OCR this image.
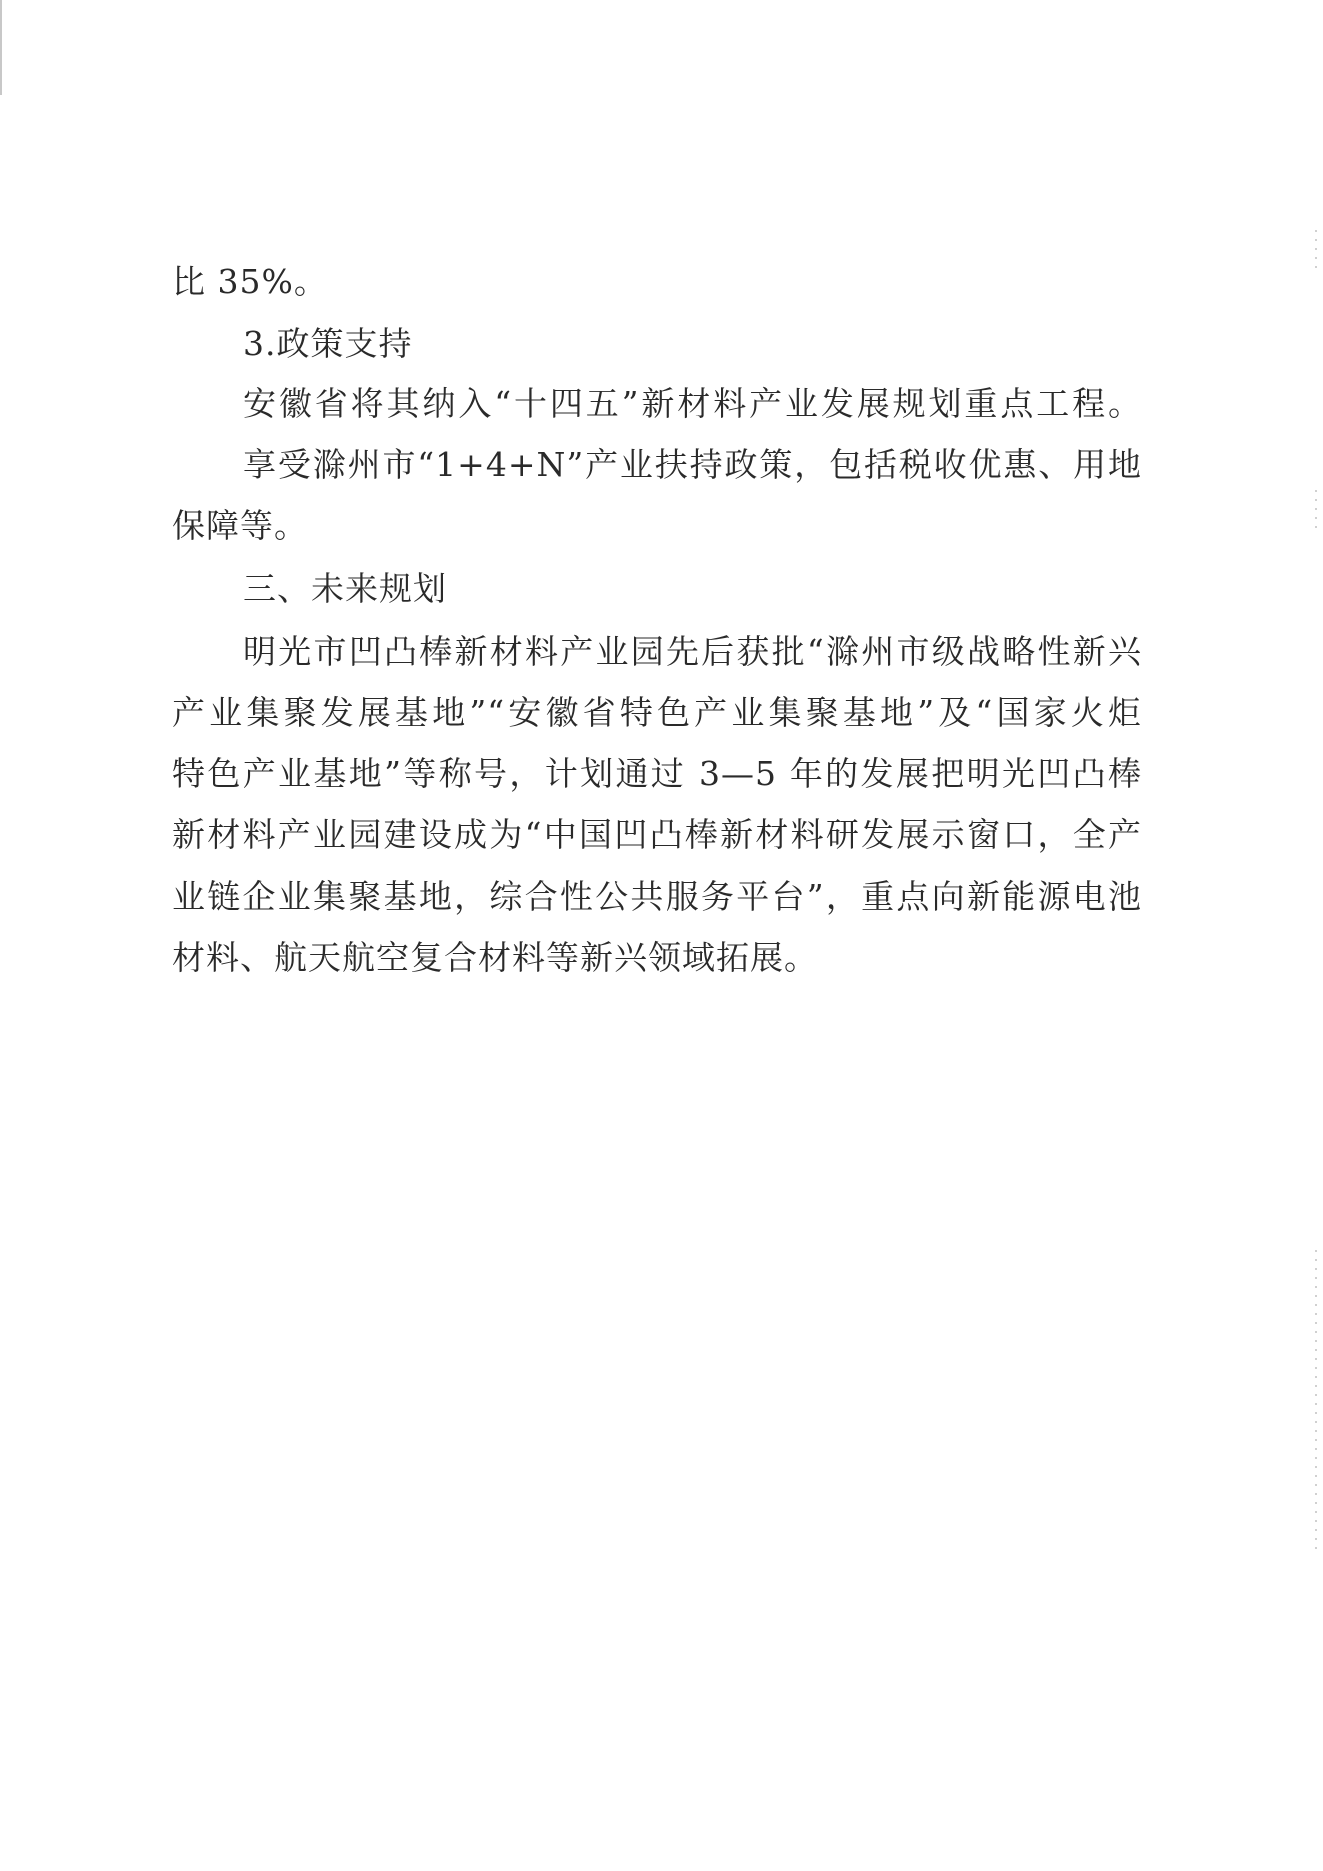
比 35%。
3.政策支持
安徽省将其纳入“十四五”新材料产业发展规划重点工程。
享受滁州市“1+4+N”产业扶持政策，包括税收优惠、用地
保障等。
三、未来规划
明光市凹凸棒新材料产业园先后获批“滁州市级战略性新兴
产业集聚发展基地”“安徽省特色产业集聚基地”及“国家火炬
特色产业基地”等称号，计划通过 3—5 年的发展把明光凹凸棒
新材料产业园建设成为“中国凹凸棒新材料研发展示窗口，全产
业链企业集聚基地，综合性公共服务平台”，重点向新能源电池
材料、航天航空复合材料等新兴领域拓展。
